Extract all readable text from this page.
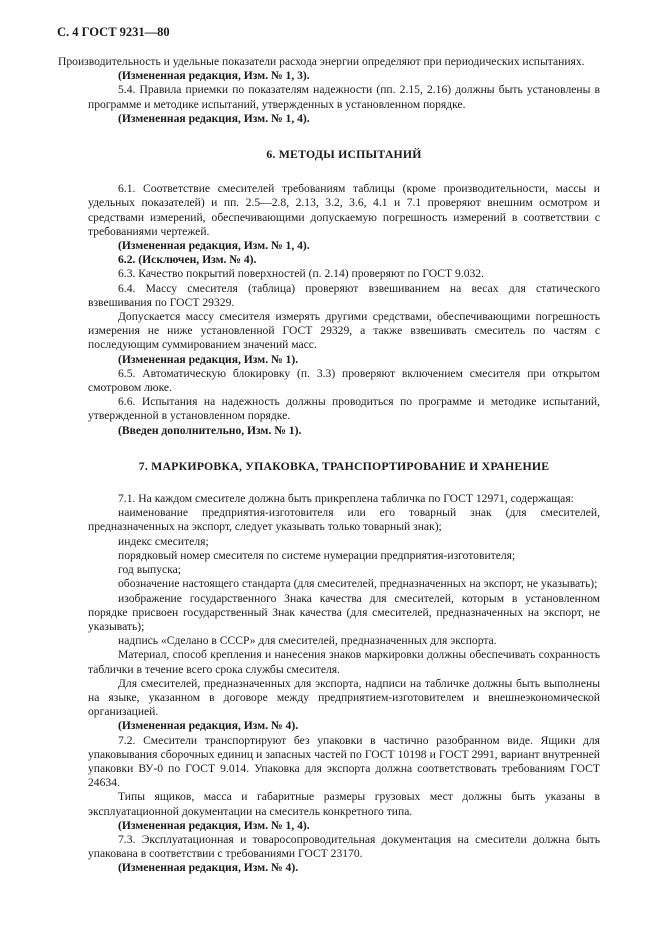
С. 4 ГОСТ 9231—80

Производительность и удельные показатели расхода энергии определяют при периодических испытаниях.

(Измененная редакция, Изм. № 1, 3).

5.4. Правила приемки по показателям надежности (пп. 2.15, 2.16) должны быть установлены в программе и методике испытаний, утвержденных в установленном порядке.

(Измененная редакция, Изм. № 1, 4).

6. МЕТОДЫ ИСПЫТАНИЙ

6.1. Соответствие смесителей требованиям таблицы (кроме производительности, массы и удельных показателей) и пп. 2.5—2.8, 2.13, 3.2, 3.6, 4.1 и 7.1 проверяют внешним осмотром и средствами измерений, обеспечивающими допускаемую погрешность измерений в соответствии с требованиями чертежей.

(Измененная редакция, Изм. № 1, 4).

6.2. (Исключен, Изм. № 4).

6.3. Качество покрытий поверхностей (п. 2.14) проверяют по ГОСТ 9.032.

6.4. Массу смесителя (таблица) проверяют взвешиванием на весах для статического взвешивания по ГОСТ 29329.

Допускается массу смесителя измерять другими средствами, обеспечивающими погрешность измерения не ниже установленной ГОСТ 29329, а также взвешивать смеситель по частям с последующим суммированием значений масс.

(Измененная редакция, Изм. № 1).

6.5. Автоматическую блокировку (п. 3.3) проверяют включением смесителя при открытом смотровом люке.

6.6. Испытания на надежность должны проводиться по программе и методике испытаний, утвержденной в установленном порядке.

(Введен дополнительно, Изм. № 1).

7. МАРКИРОВКА, УПАКОВКА, ТРАНСПОРТИРОВАНИЕ И ХРАНЕНИЕ

7.1. На каждом смесителе должна быть прикреплена табличка по ГОСТ 12971, содержащая:

наименование предприятия-изготовителя или его товарный знак (для смесителей, предназначенных на экспорт, следует указывать только товарный знак);

индекс смесителя;

порядковый номер смесителя по системе нумерации предприятия-изготовителя;

год выпуска;

обозначение настоящего стандарта (для смесителей, предназначенных на экспорт, не указывать);

изображение государственного Знака качества для смесителей, которым в установленном порядке присвоен государственный Знак качества (для смесителей, предназначенных на экспорт, не указывать);

надпись «Сделано в СССР» для смесителей, предназначенных для экспорта.

Материал, способ крепления и нанесения знаков маркировки должны обеспечивать сохранность таблички в течение всего срока службы смесителя.

Для смесителей, предназначенных для экспорта, надписи на табличке должны быть выполнены на языке, указанном в договоре между предприятием-изготовителем и внешнеэкономической организацией.

(Измененная редакция, Изм. № 4).

7.2. Смесители транспортируют без упаковки в частично разобранном виде. Ящики для упаковывания сборочных единиц и запасных частей по ГОСТ 10198 и ГОСТ 2991, вариант внутренней упаковки ВУ-0 по ГОСТ 9.014. Упаковка для экспорта должна соответствовать требованиям ГОСТ 24634.

Типы ящиков, масса и габаритные размеры грузовых мест должны быть указаны в эксплуатационной документации на смеситель конкретного типа.

(Измененная редакция, Изм. № 1, 4).

7.3. Эксплуатационная и товаросопроводительная документация на смесители должна быть упакована в соответствии с требованиями ГОСТ 23170.

(Измененная редакция, Изм. № 4).
